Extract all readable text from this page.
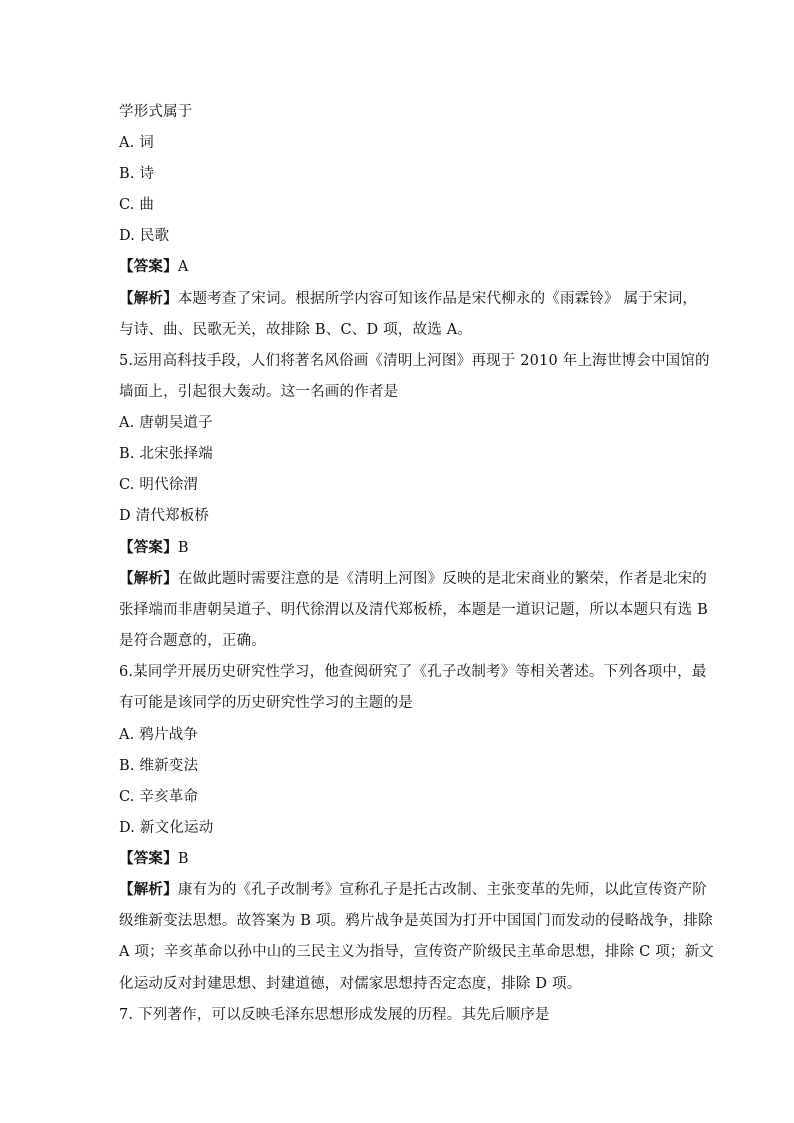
学形式属于
A. 词
B. 诗
C. 曲
D. 民歌
【答案】A
【解析】本题考查了宋词。根据所学内容可知该作品是宋代柳永的《雨霖铃》 属于宋词，
与诗、曲、民歌无关，故排除 B、C、D 项，故选 A。
5.运用高科技手段，人们将著名风俗画《清明上河图》再现于 2010 年上海世博会中国馆的
墙面上，引起很大轰动。这一名画的作者是
A. 唐朝吴道子
B. 北宋张择端
C. 明代徐渭
D 清代郑板桥
【答案】B
【解析】在做此题时需要注意的是《清明上河图》反映的是北宋商业的繁荣，作者是北宋的
张择端而非唐朝吴道子、明代徐渭以及清代郑板桥，本题是一道识记题，所以本题只有选 B
是符合题意的，正确。
6.某同学开展历史研究性学习，他查阅研究了《孔子改制考》等相关著述。下列各项中，最
有可能是该同学的历史研究性学习的主题的是
A. 鸦片战争
B. 维新变法
C. 辛亥革命
D. 新文化运动
【答案】B
【解析】康有为的《孔子改制考》宣称孔子是托古改制、主张变革的先师，以此宣传资产阶
级维新变法思想。故答案为 B 项。鸦片战争是英国为打开中国国门而发动的侵略战争，排除
A 项；辛亥革命以孙中山的三民主义为指导，宣传资产阶级民主革命思想，排除 C 项；新文
化运动反对封建思想、封建道德，对儒家思想持否定态度，排除 D 项。
7. 下列著作，可以反映毛泽东思想形成发展的历程。其先后顺序是
